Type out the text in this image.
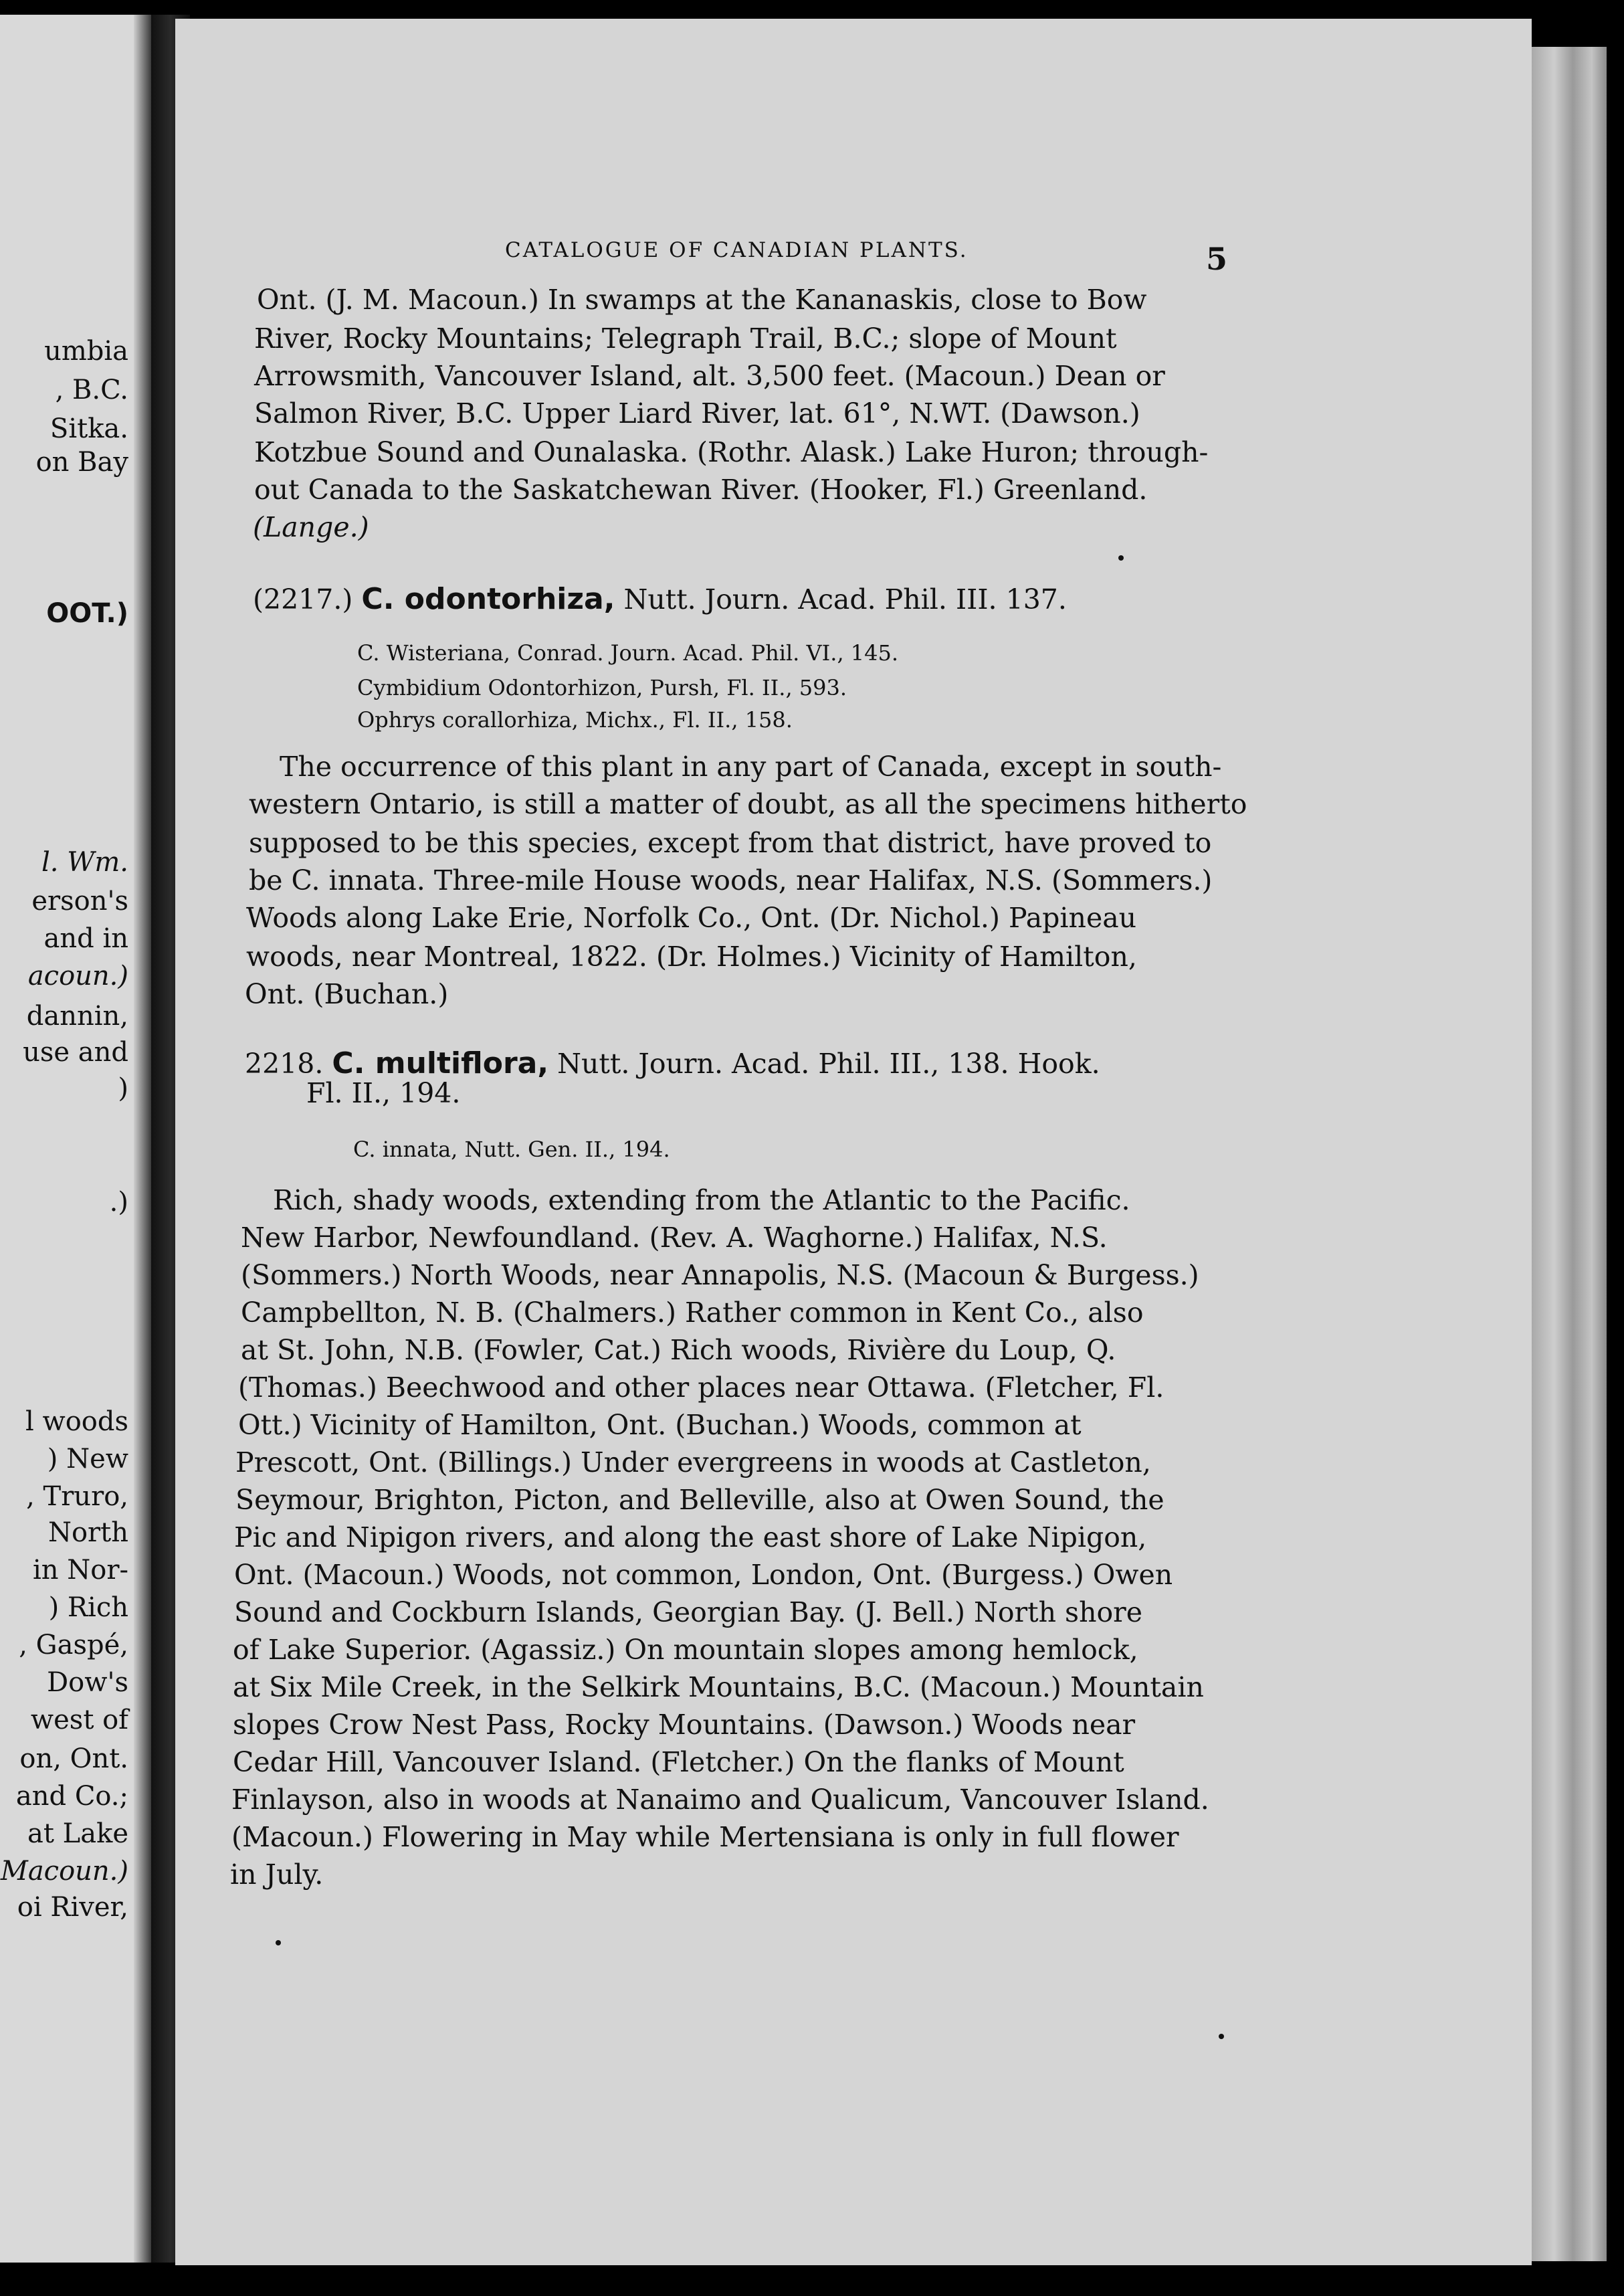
umbia
, B.C.
Sitka.
on Bay
OOT.)
l. Wm.
erson's
and in
acoun.)
dannin,
use and
)
.)
l woods
) New
, Truro,
North
in Nor-
) Rich
, Gaspé,
Dow's
west of
on, Ont.
and Co.;
at Lake
Macoun.)
oi River,
CATALOGUE OF CANADIAN PLANTS.	5
Ont. (J. M. Macoun.) In swamps at the Kananaskis, close to Bow
River, Rocky Mountains; Telegraph Trail, B.C.; slope of Mount
Arrowsmith, Vancouver Island, alt. 3,500 feet. (Macoun.) Dean or
Salmon River, B.C. Upper Liard River, lat. 61°, N.WT. (Dawson.)
Kotzbue Sound and Ounalaska. (Rothr. Alask.) Lake Huron; through-
out Canada to the Saskatchewan River. (Hooker, Fl.) Greenland.
(Lange.)
(2217.) C. odontorhiza, Nutt. Journ. Acad. Phil. III. 137.
C. Wisteriana, Conrad. Journ. Acad. Phil. VI., 145.
Cymbidium Odontorhizon, Pursh, Fl. II., 593.
Ophrys corallorhiza, Michx., Fl. II., 158.
The occurrence of this plant in any part of Canada, except in south-
western Ontario, is still a matter of doubt, as all the specimens hitherto
supposed to be this species, except from that district, have proved to
be C. innata. Three-mile House woods, near Halifax, N.S. (Sommers.)
Woods along Lake Erie, Norfolk Co., Ont. (Dr. Nichol.) Papineau
woods, near Montreal, 1822. (Dr. Holmes.) Vicinity of Hamilton,
Ont. (Buchan.)
2218. C. multiflora, Nutt. Journ. Acad. Phil. III., 138. Hook.
Fl. II., 194.
C. innata, Nutt. Gen. II., 194.
Rich, shady woods, extending from the Atlantic to the Pacific.
New Harbor, Newfoundland. (Rev. A. Waghorne.) Halifax, N.S.
(Sommers.) North Woods, near Annapolis, N.S. (Macoun & Burgess.)
Campbellton, N. B. (Chalmers.) Rather common in Kent Co., also
at St. John, N.B. (Fowler, Cat.) Rich woods, Rivière du Loup, Q.
(Thomas.) Beechwood and other places near Ottawa. (Fletcher, Fl.
Ott.) Vicinity of Hamilton, Ont. (Buchan.) Woods, common at
Prescott, Ont. (Billings.) Under evergreens in woods at Castleton,
Seymour, Brighton, Picton, and Belleville, also at Owen Sound, the
Pic and Nipigon rivers, and along the east shore of Lake Nipigon,
Ont. (Macoun.) Woods, not common, London, Ont. (Burgess.) Owen
Sound and Cockburn Islands, Georgian Bay. (J. Bell.) North shore
of Lake Superior. (Agassiz.) On mountain slopes among hemlock,
at Six Mile Creek, in the Selkirk Mountains, B.C. (Macoun.) Mountain
slopes Crow Nest Pass, Rocky Mountains. (Dawson.) Woods near
Cedar Hill, Vancouver Island. (Fletcher.) On the flanks of Mount
Finlayson, also in woods at Nanaimo and Qualicum, Vancouver Island.
(Macoun.) Flowering in May while Mertensiana is only in full flower
in July.
